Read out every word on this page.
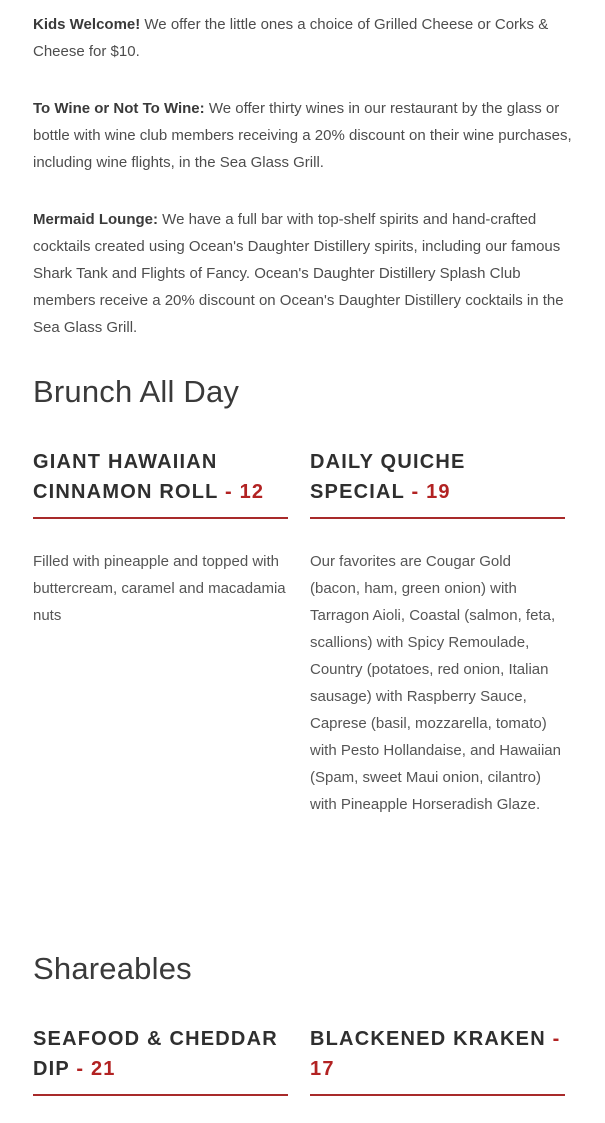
Kids Welcome! We offer the little ones a choice of Grilled Cheese or Corks & Cheese for $10.

To Wine or Not To Wine: We offer thirty wines in our restaurant by the glass or bottle with wine club members receiving a 20% discount on their wine purchases, including wine flights, in the Sea Glass Grill.

Mermaid Lounge: We have a full bar with top-shelf spirits and hand-crafted cocktails created using Ocean's Daughter Distillery spirits, including our famous Shark Tank and Flights of Fancy. Ocean's Daughter Distillery Splash Club members receive a 20% discount on Ocean's Daughter Distillery cocktails in the Sea Glass Grill.

Brunch All Day
GIANT HAWAIIAN CINNAMON ROLL - 12

Filled with pineapple and topped with buttercream, caramel and macadamia nuts

DAILY QUICHE SPECIAL - 19

Our favorites are Cougar Gold (bacon, ham, green onion) with Tarragon Aioli, Coastal (salmon, feta, scallions) with Spicy Remoulade, Country (potatoes, red onion, Italian sausage) with Raspberry Sauce, Caprese (basil, mozzarella, tomato) with Pesto Hollandaise, and Hawaiian (Spam, sweet Maui onion, cilantro) with Pineapple Horseradish Glaze.

Shareables
SEAFOOD & CHEDDAR DIP - 21
BLACKENED KRAKEN - 17
